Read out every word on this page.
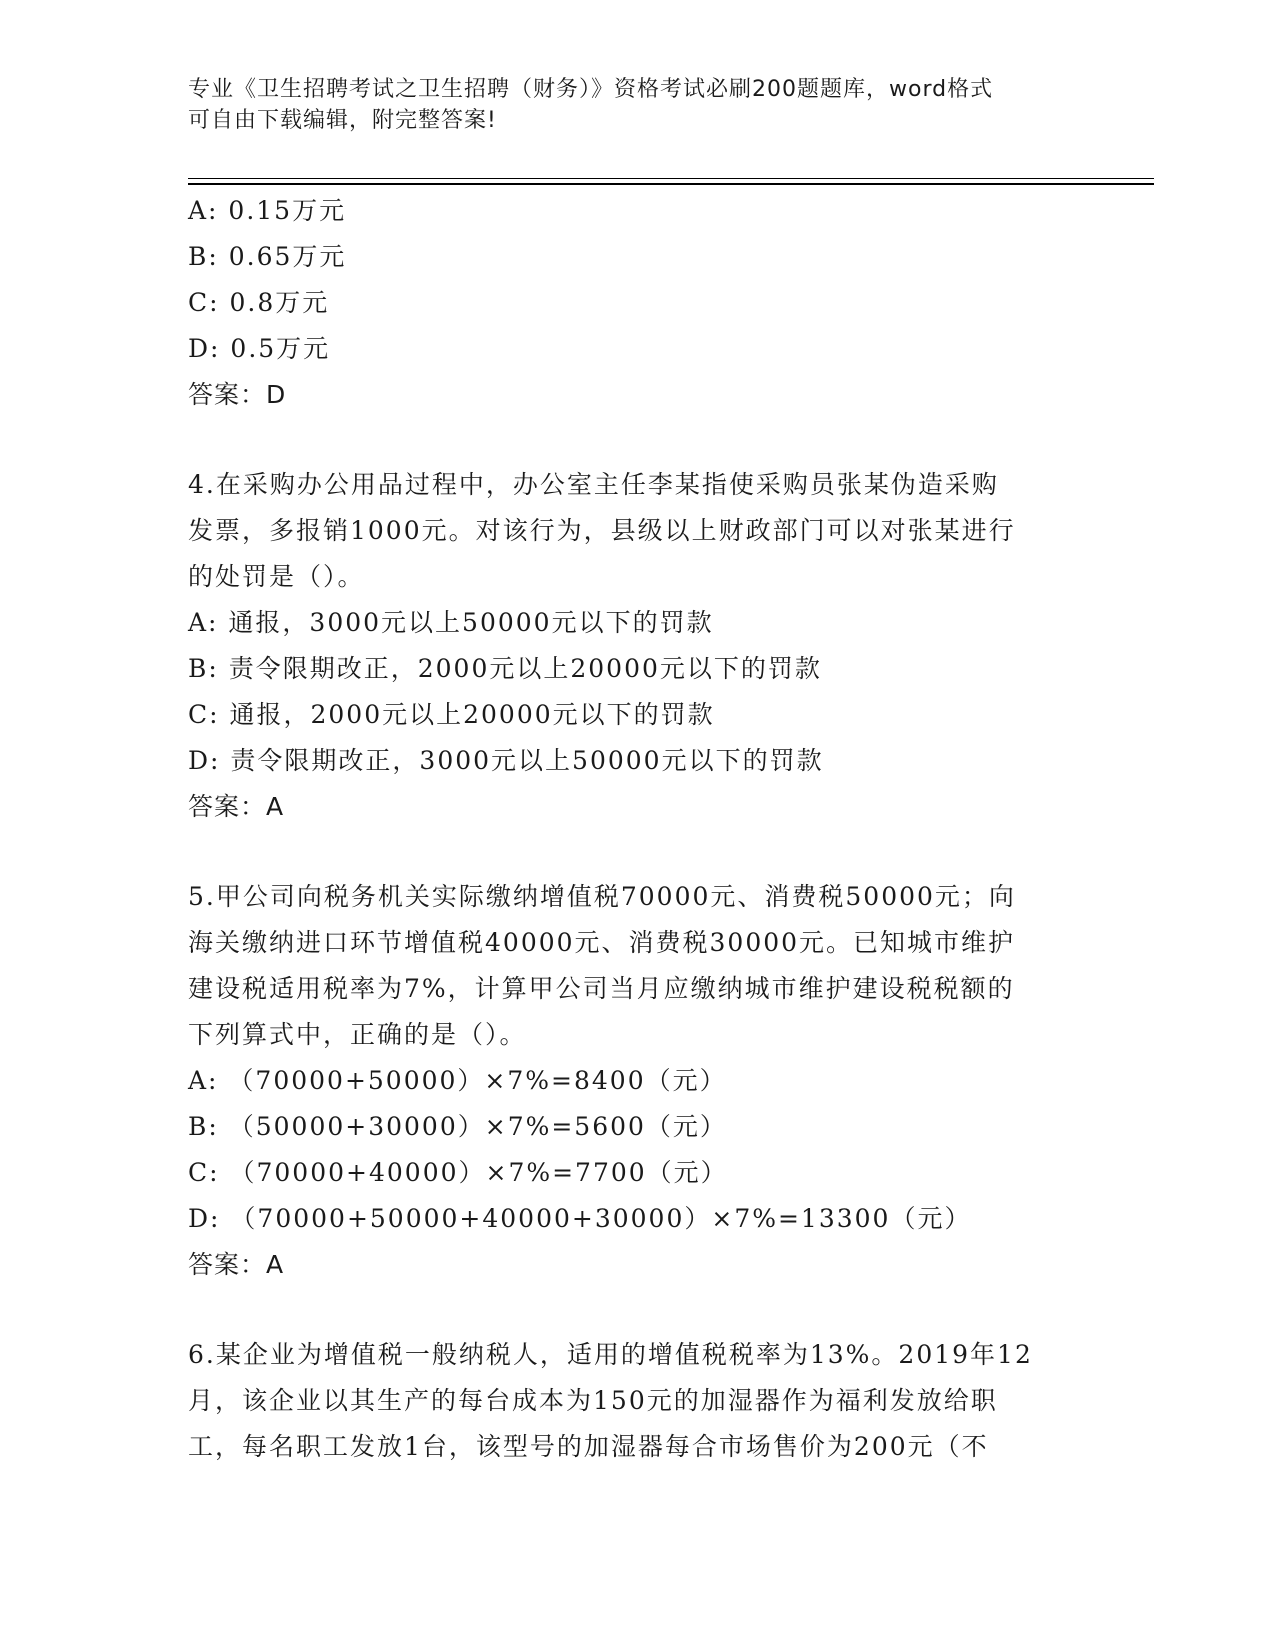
专业《卫生招聘考试之卫生招聘（财务）》资格考试必刷200题题库，word格式

可自由下载编辑，附完整答案!

A: 0.15万元

B: 0.65万元

C: 0.8万元

D: 0.5万元

答案：D

4.在采购办公用品过程中，办公室主任李某指使采购员张某伪造采购

发票，多报销1000元。对该行为，县级以上财政部门可以对张某进行

的处罚是（）。

A: 通报，3000元以上50000元以下的罚款

B: 责令限期改正，2000元以上20000元以下的罚款

C: 通报，2000元以上20000元以下的罚款

D: 责令限期改正，3000元以上50000元以下的罚款

答案：A

5.甲公司向税务机关实际缴纳增值税70000元、消费税50000元；向

海关缴纳进口环节增值税40000元、消费税30000元。已知城市维护

建设税适用税率为7%，计算甲公司当月应缴纳城市维护建设税税额的

下列算式中，正确的是（）。

A: （70000+50000）×7%=8400（元）

B: （50000+30000）×7%=5600（元）

C: （70000+40000）×7%=7700（元）

D: （70000+50000+40000+30000）×7%=13300（元）

答案：A

6.某企业为增值税一般纳税人，适用的增值税税率为13%。2019年12

月，该企业以其生产的每台成本为150元的加湿器作为福利发放给职

工，每名职工发放1台，该型号的加湿器每合市场售价为200元（不
